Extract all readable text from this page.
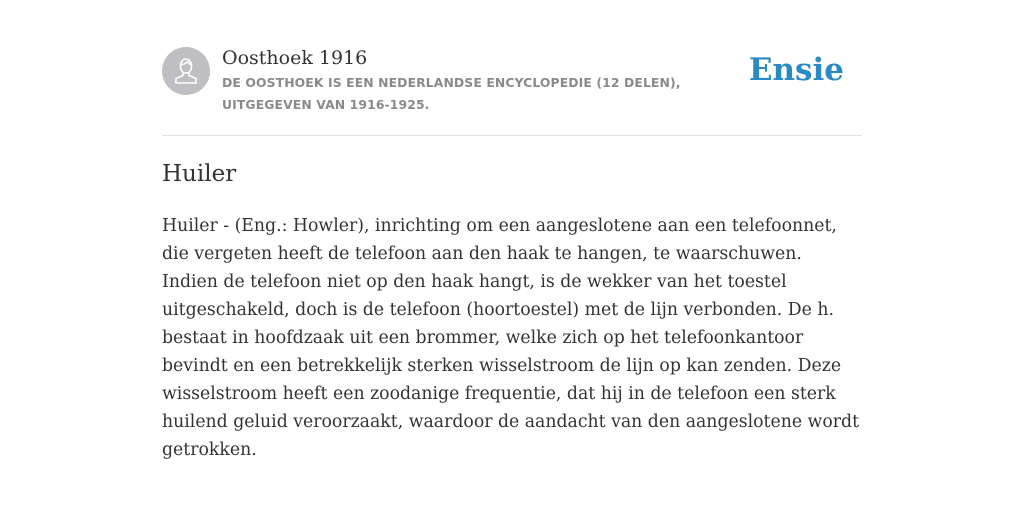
Oosthoek 1916
DE OOSTHOEK IS EEN NEDERLANDSE ENCYCLOPEDIE (12 DELEN), UITGEGEVEN VAN 1916-1925.
Ensie
Huiler

Huiler - (Eng.: Howler), inrichting om een aangeslotene aan een telefoonnet, die vergeten heeft de telefoon aan den haak te hangen, te waarschuwen. Indien de telefoon niet op den haak hangt, is de wekker van het toestel uitgeschakeld, doch is de telefoon (hoortoestel) met de lijn verbonden. De h. bestaat in hoofdzaak uit een brommer, welke zich op het telefoonkantoor bevindt en een betrekkelijk sterken wisselstroom de lijn op kan zenden. Deze wisselstroom heeft een zoodanige frequentie, dat hij in de telefoon een sterk huilend geluid veroorzaakt, waardoor de aandacht van den aangeslotene wordt getrokken.
